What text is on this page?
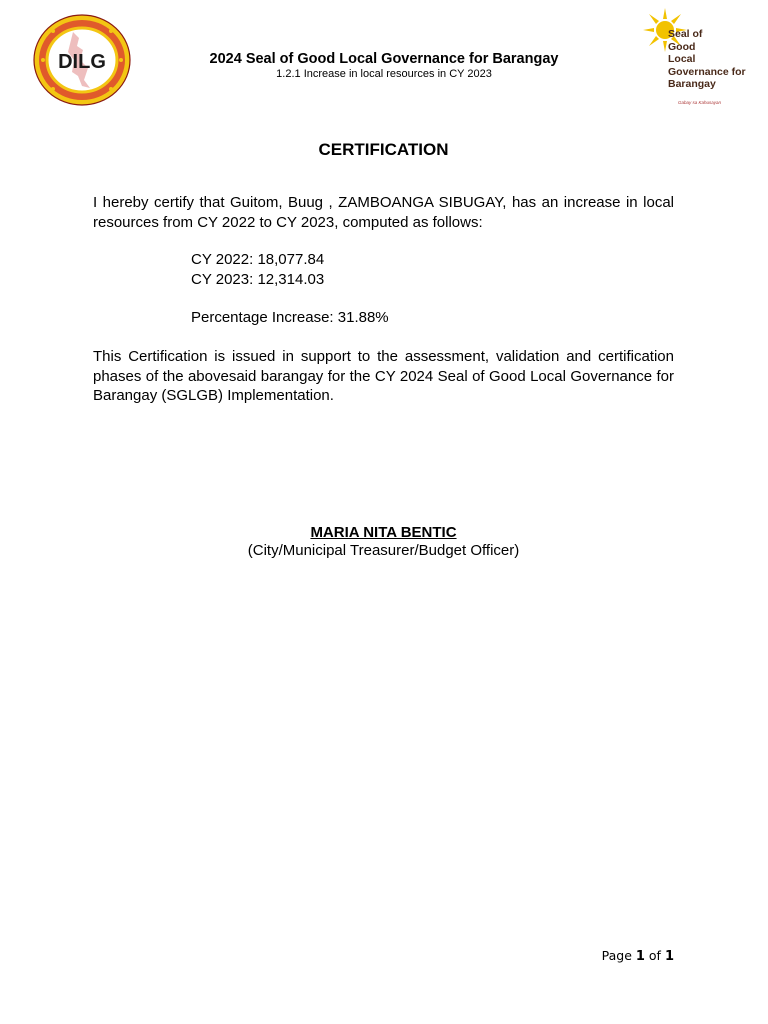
DILG
Seal of
Good
Local
Governance for
Barangay
Gabay sa Kahusayan
2024 Seal of Good Local Governance for Barangay
1.2.1 Increase in local resources in CY 2023
CERTIFICATION
I hereby certify that Guitom, Buug , ZAMBOANGA SIBUGAY, has an increase in local resources from CY 2022 to CY 2023, computed as follows:
CY 2022: 18,077.84
CY 2023: 12,314.03
Percentage Increase: 31.88%
This Certification is issued in support to the assessment, validation and certification phases of the abovesaid barangay for the CY 2024 Seal of Good Local Governance for Barangay (SGLGB) Implementation.
MARIA NITA BENTIC
(City/Municipal Treasurer/Budget Officer)
Page 1 of 1
